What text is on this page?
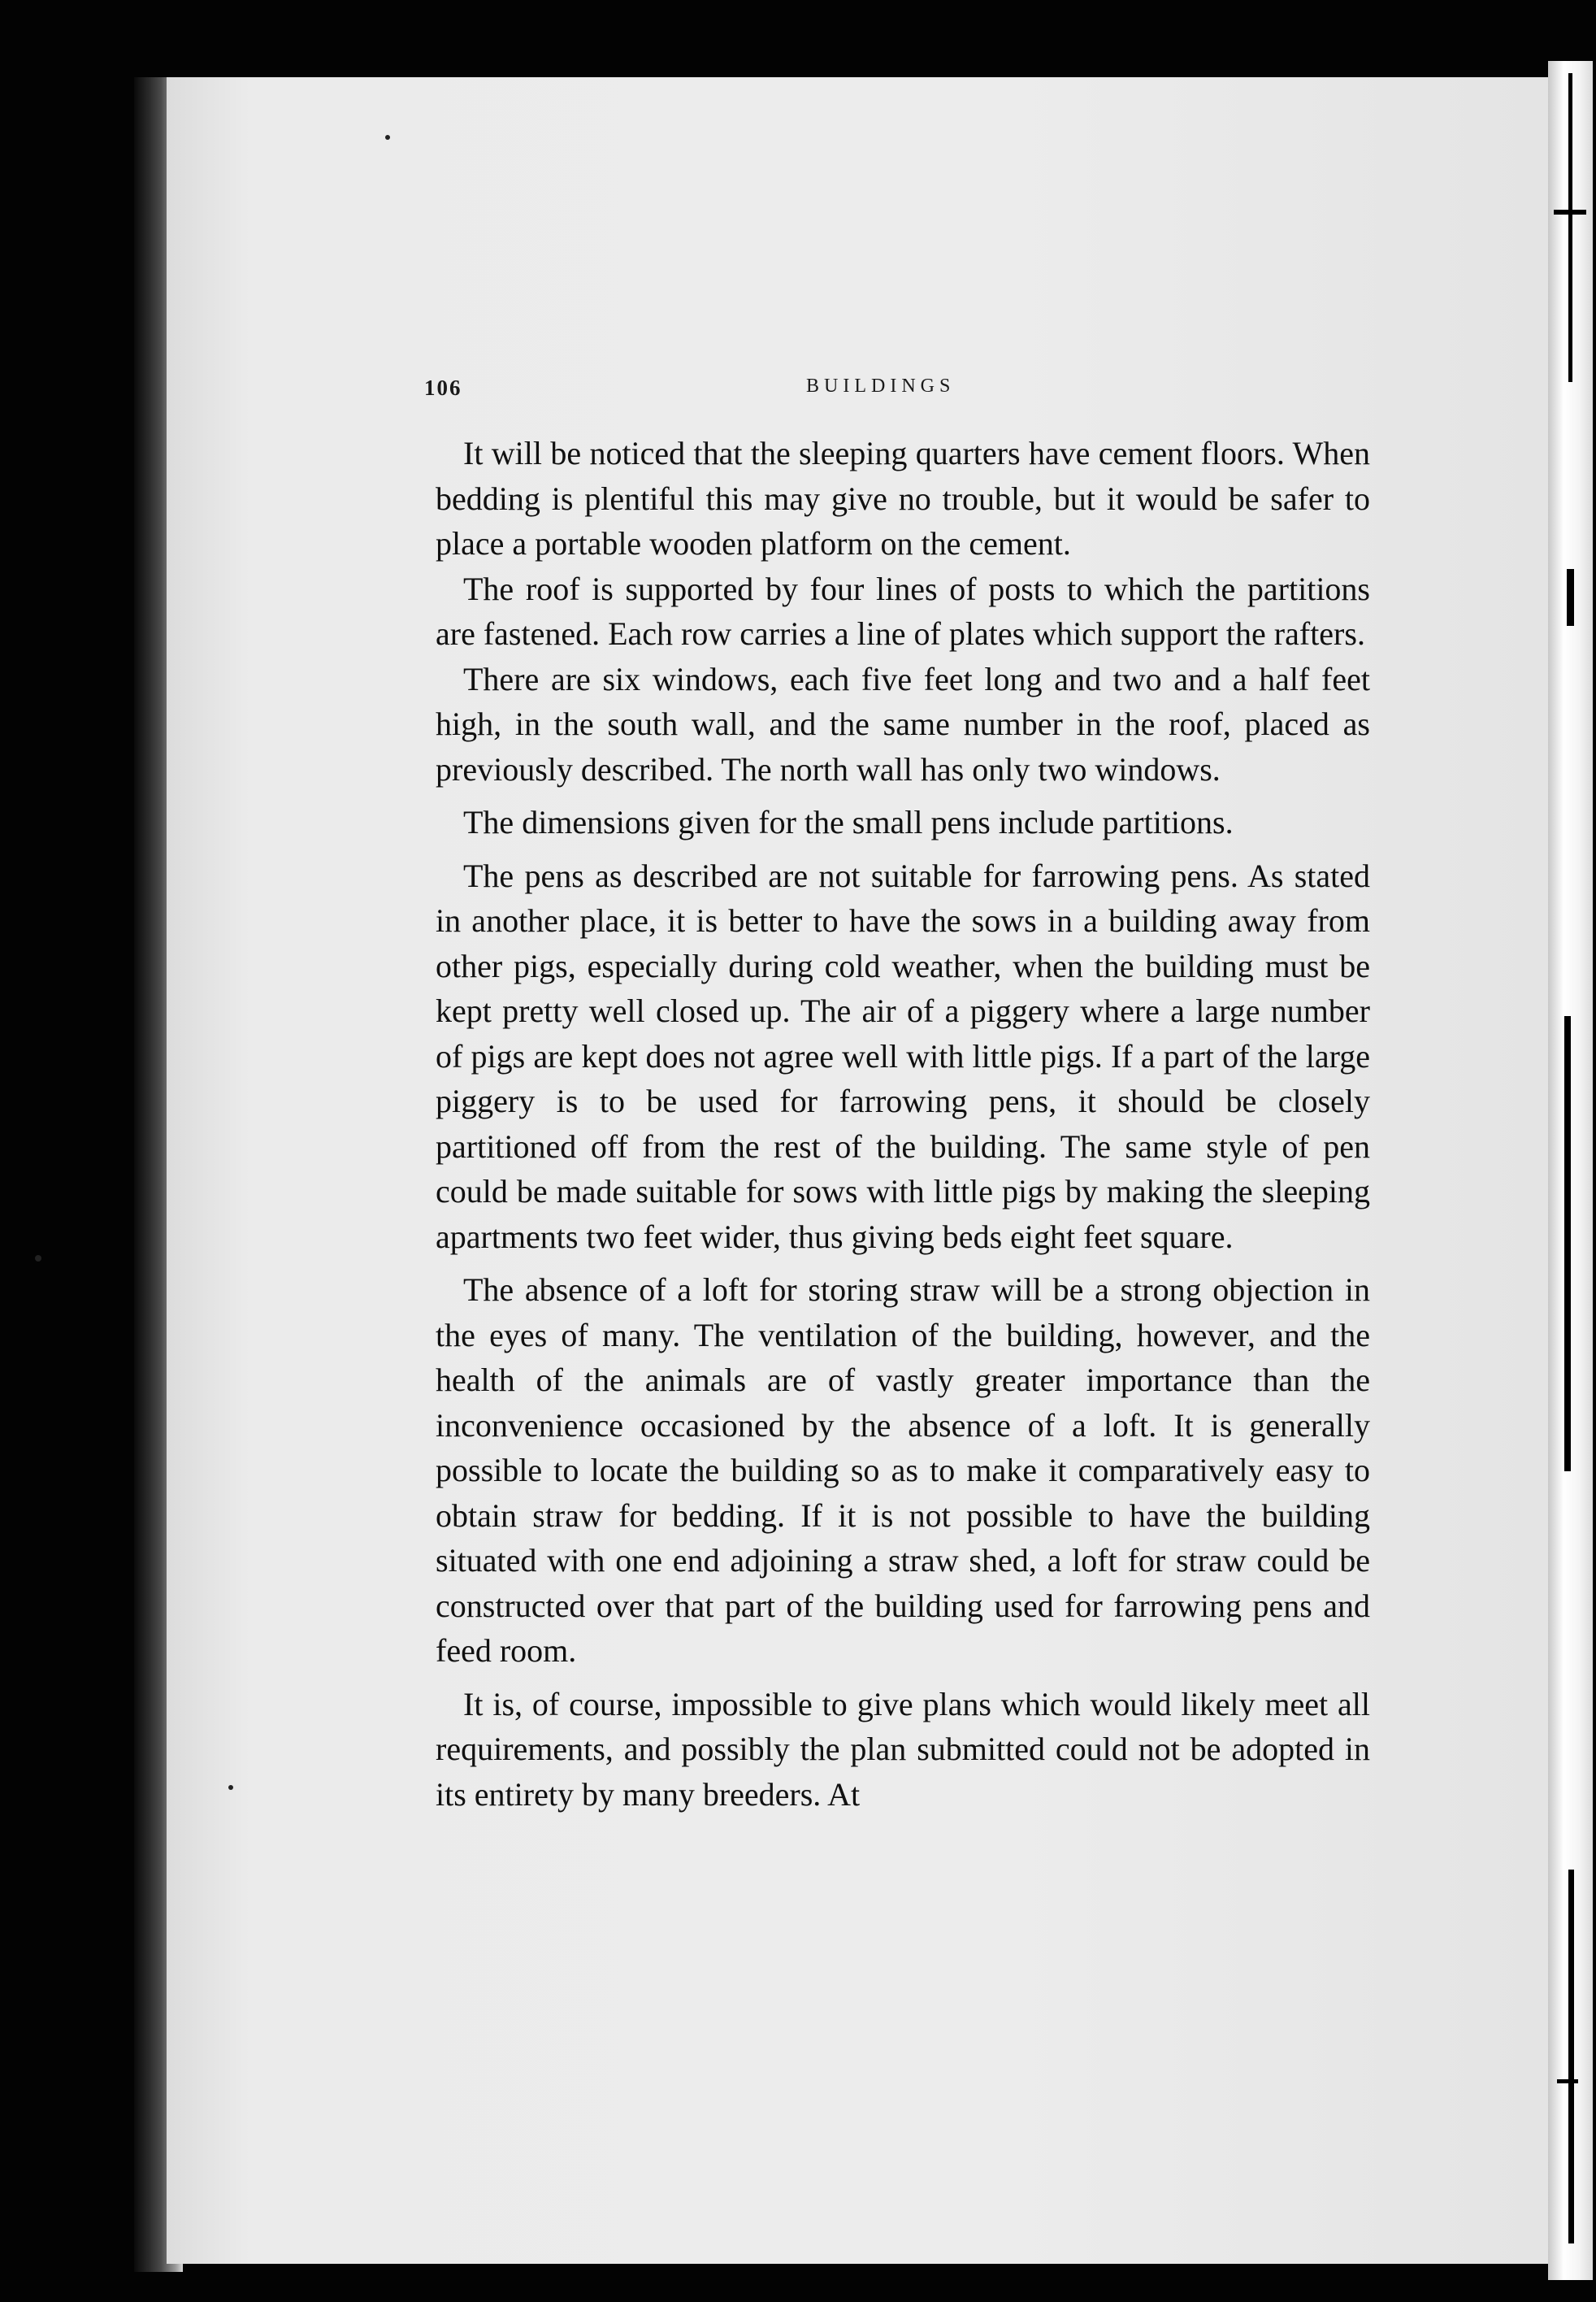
106	BUILDINGS

It will be noticed that the sleeping quarters have cement floors. When bedding is plentiful this may give no trouble, but it would be safer to place a portable wooden platform on the cement.

The roof is supported by four lines of posts to which the partitions are fastened. Each row carries a line of plates which support the rafters.

There are six windows, each five feet long and two and a half feet high, in the south wall, and the same number in the roof, placed as previously described. The north wall has only two windows.

The dimensions given for the small pens include partitions.

The pens as described are not suitable for farrowing pens. As stated in another place, it is better to have the sows in a building away from other pigs, especially during cold weather, when the building must be kept pretty well closed up. The air of a piggery where a large number of pigs are kept does not agree well with little pigs. If a part of the large piggery is to be used for farrowing pens, it should be closely partitioned off from the rest of the building. The same style of pen could be made suitable for sows with little pigs by making the sleeping apartments two feet wider, thus giving beds eight feet square.

The absence of a loft for storing straw will be a strong objection in the eyes of many. The ventilation of the building, however, and the health of the animals are of vastly greater importance than the inconvenience occasioned by the absence of a loft. It is generally possible to locate the building so as to make it comparatively easy to obtain straw for bedding. If it is not possible to have the building situated with one end adjoining a straw shed, a loft for straw could be constructed over that part of the building used for farrowing pens and feed room.

It is, of course, impossible to give plans which would likely meet all requirements, and possibly the plan submitted could not be adopted in its entirety by many breeders. At
